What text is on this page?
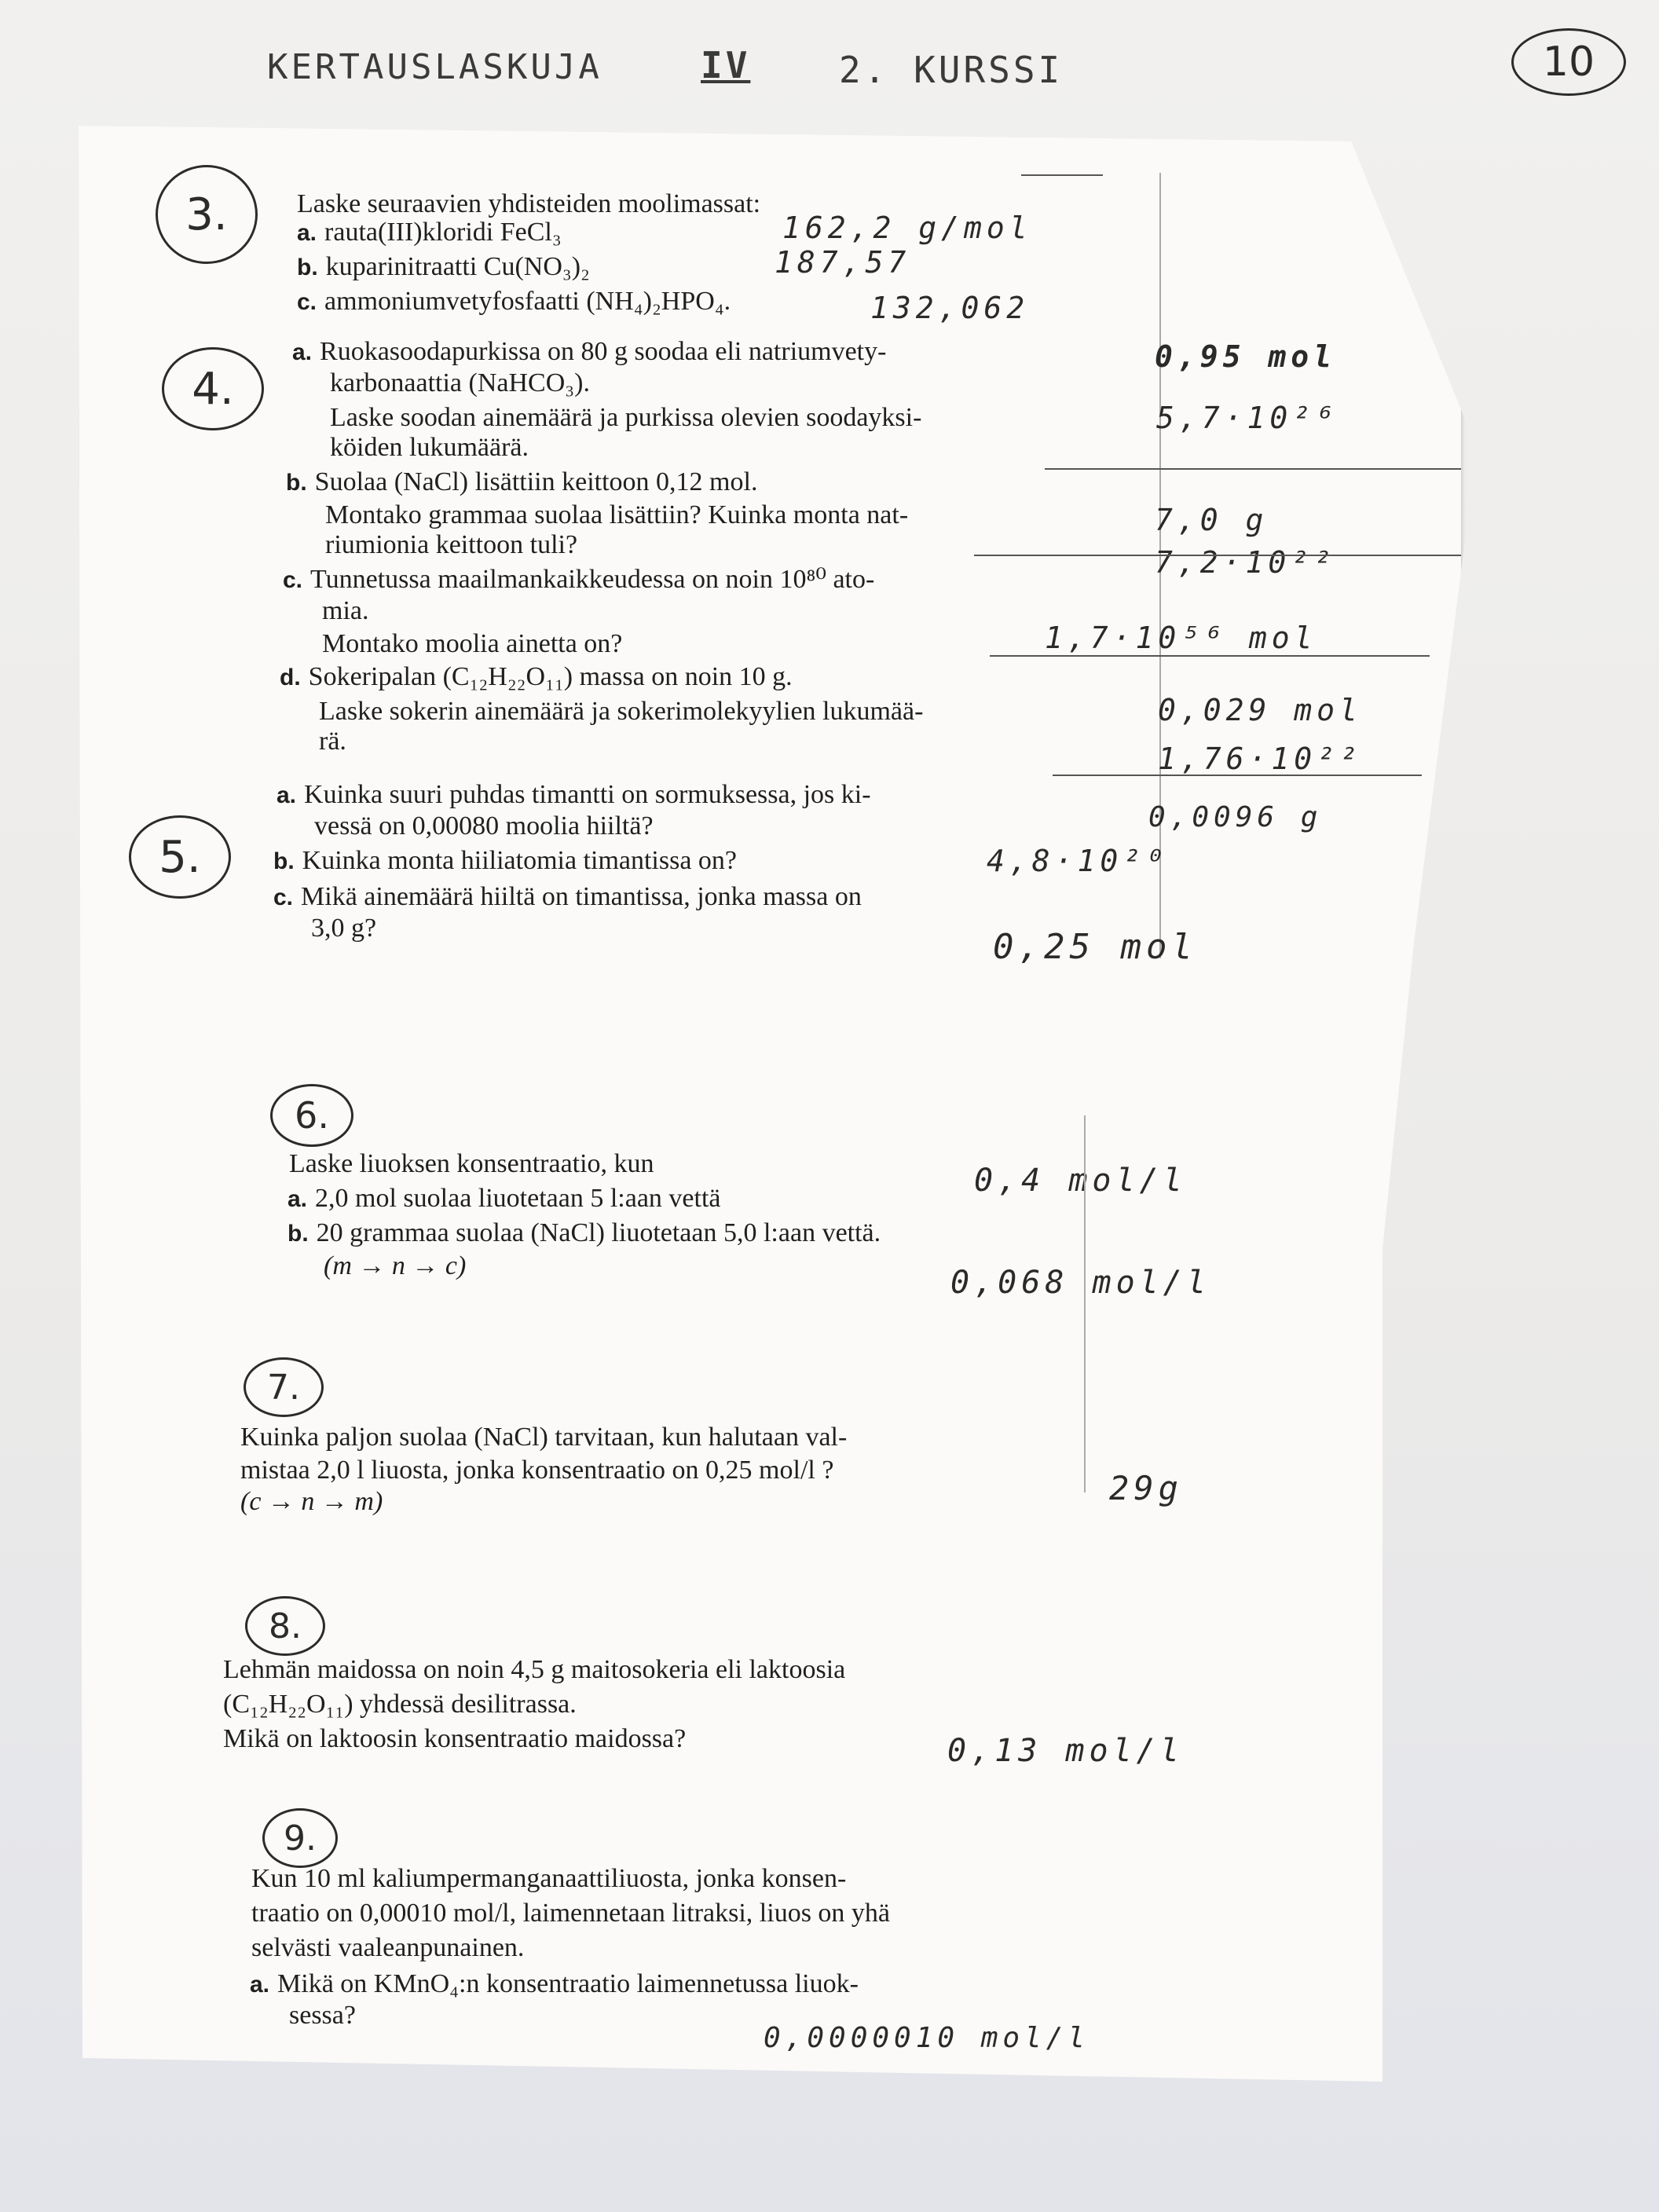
KERTAUSLASKUJA	IV 2. KURSSI	10
3.	Laske seuraavien yhdisteiden moolimassat:
a. rauta(III)kloridi FeCl₃
b. kuparinitraatti Cu(NO₃)₂
c. ammoniumvetyfosfaatti (NH₄)₂HPO₄.
162,2 g/mol
187,57
132,062
4.
a. Ruokasoodapurkissa on 80 g soodaa eli natriumvety-
karbonaattia (NaHCO₃).
Laske soodan ainemäärä ja purkissa olevien soodayksi-
köiden lukumäärä.
0,95 mol
5,7·10²⁶
b. Suolaa (NaCl) lisättiin keittoon 0,12 mol.
Montako grammaa suolaa lisättiin? Kuinka monta nat-
riumionia keittoon tuli?
7,0 g
7,2·10²²
c. Tunnetussa maailmankaikkeudessa on noin 10⁸⁰ ato-
mia.
Montako moolia ainetta on?	1,7·10⁵⁶ mol
d. Sokeripalan (C₁₂H₂₂O₁₁) massa on noin 10 g.
Laske sokerin ainemäärä ja sokerimolekyylien lukumää-
rä.
0,029 mol
1,76·10²²
5.
a. Kuinka suuri puhdas timantti on sormuksessa, jos ki-
vessä on 0,00080 moolia hiiltä?	0,0096 g
b. Kuinka monta hiiliatomia timantissa on?	4,8·10²⁰
c. Mikä ainemäärä hiiltä on timantissa, jonka massa on
3,0 g?	0,25 mol
6.
Laske liuoksen konsentraatio, kun
a. 2,0 mol suolaa liuotetaan 5 l:aan vettä	0,4 mol/l
b. 20 grammaa suolaa (NaCl) liuotetaan 5,0 l:aan vettä.
(m → n → c)	0,068 mol/l
7.
Kuinka paljon suolaa (NaCl) tarvitaan, kun halutaan val-
mistaa 2,0 l liuosta, jonka konsentraatio on 0,25 mol/l ?
(c → n → m)	29g
8.
Lehmän maidossa on noin 4,5 g maitosokeria eli laktoosia
(C₁₂H₂₂O₁₁) yhdessä desilitrassa.
Mikä on laktoosin konsentraatio maidossa?	0,13 mol/l
9.
Kun 10 ml kaliumpermanganaattiliuosta, jonka konsen-
traatio on 0,00010 mol/l, laimennetaan litraksi, liuos on yhä
selvästi vaaleanpunainen.
a. Mikä on KMnO₄:n konsentraatio laimennetussa liuok-
sessa?
0,0000010 mol/l
